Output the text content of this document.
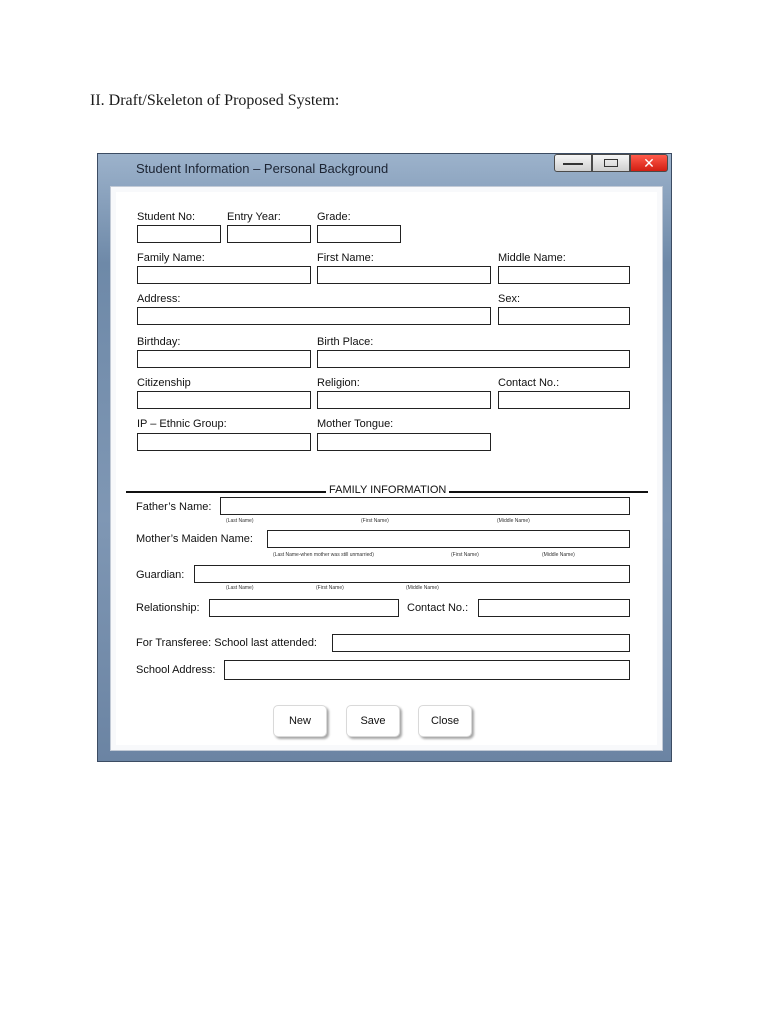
II. Draft/Skeleton of Proposed System:
Student Information – Personal Background	✕
Student No:	Entry Year:	Grade:
Family Name:	First Name:	Middle Name:
Address:	Sex:
Birthday:	Birth Place:
Citizenship	Religion:	Contact No.:
IP – Ethnic Group:	Mother Tongue:
FAMILY INFORMATION
Father’s Name:
(Last Name)	(First Name)	(Middle Name)
Mother’s Maiden Name:
(Last Name-when mother was still unmarried)	(First Name)	(Middle Name)
Guardian:
(Last Name)	(First Name)	(Middle Name)
Relationship:	Contact No.:
For Transferee: School last attended:
School Address:
New	Save	Close
